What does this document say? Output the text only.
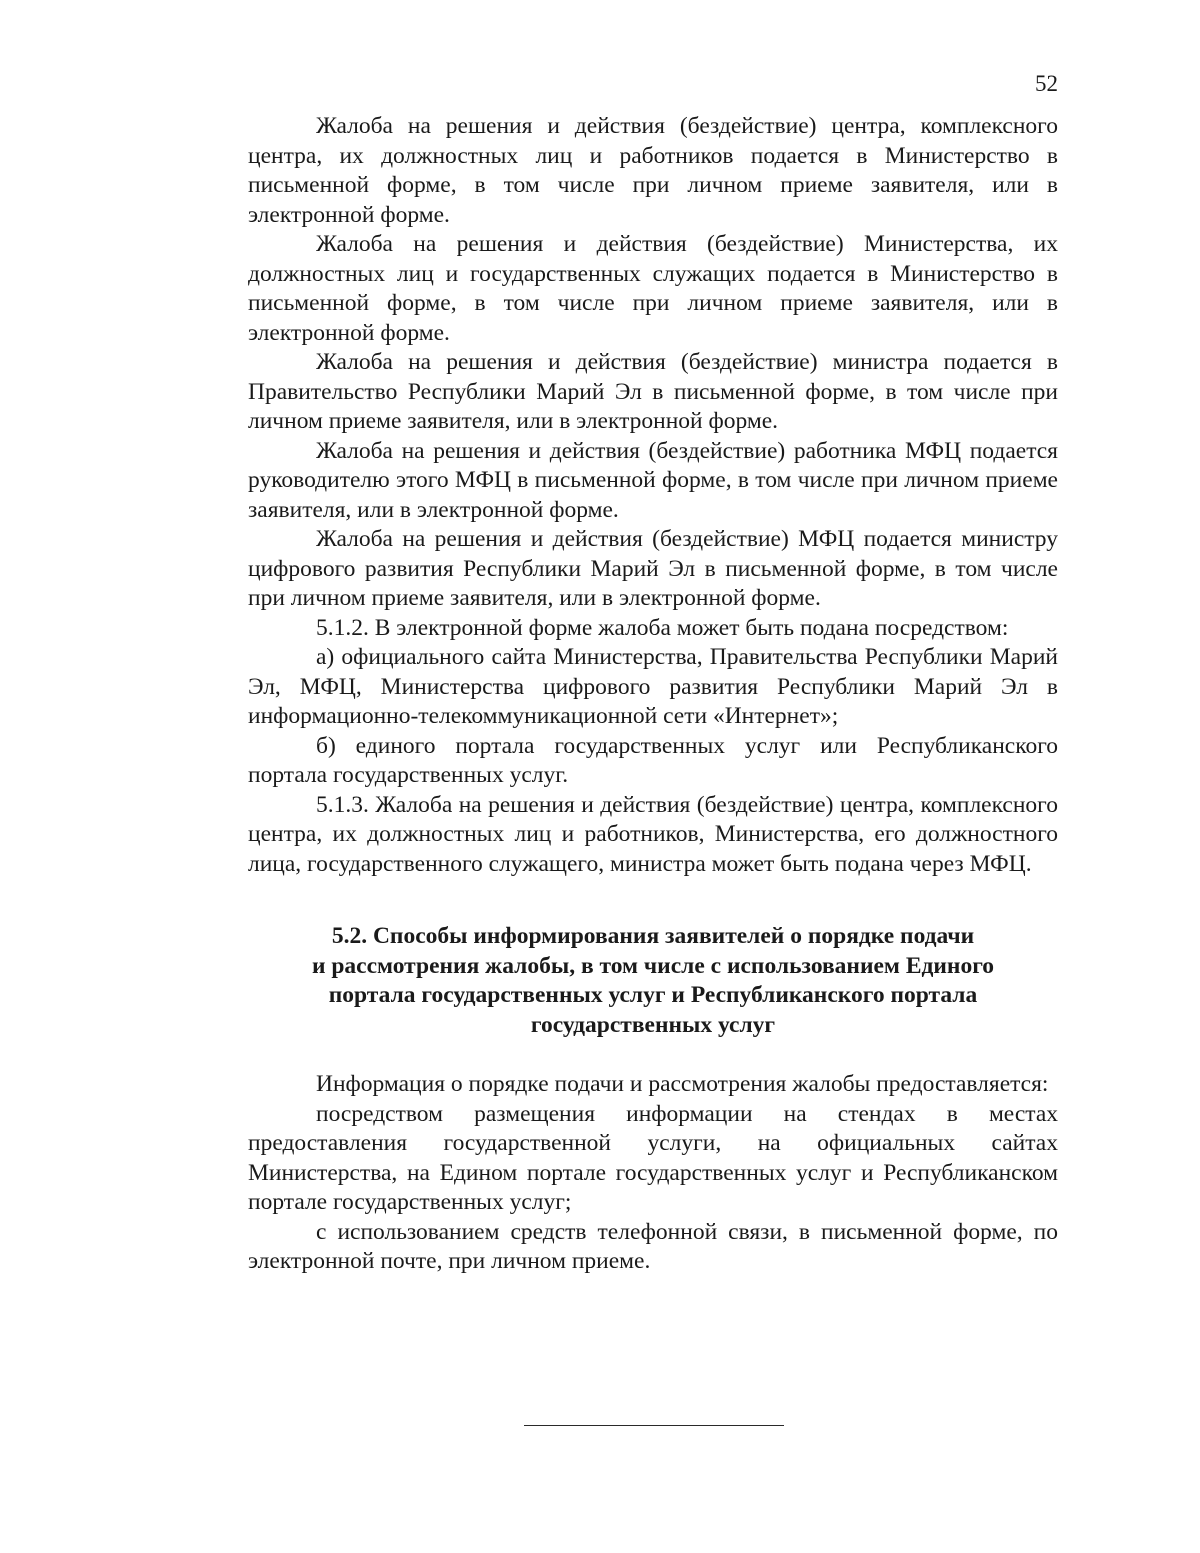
52

Жалоба на решения и действия (бездействие) центра, комплексного центра, их должностных лиц и работников подается в Министерство в письменной форме, в том числе при личном приеме заявителя, или в электронной форме.

Жалоба на решения и действия (бездействие) Министерства, их должностных лиц и государственных служащих подается в Министерство в письменной форме, в том числе при личном приеме заявителя, или в электронной форме.

Жалоба на решения и действия (бездействие) министра подается в Правительство Республики Марий Эл в письменной форме, в том числе при личном приеме заявителя, или в электронной форме.

Жалоба на решения и действия (бездействие) работника МФЦ подается руководителю этого МФЦ в письменной форме, в том числе при личном приеме заявителя, или в электронной форме.

Жалоба на решения и действия (бездействие) МФЦ подается министру цифрового развития Республики Марий Эл в письменной форме, в том числе при личном приеме заявителя, или в электронной форме.

5.1.2. В электронной форме жалоба может быть подана посредством:

а) официального сайта Министерства, Правительства Республики Марий Эл, МФЦ, Министерства цифрового развития Республики Марий Эл в информационно-телекоммуникационной сети «Интернет»;

б) единого портала государственных услуг или Республиканского портала государственных услуг.

5.1.3. Жалоба на решения и действия (бездействие) центра, комплексного центра, их должностных лиц и работников, Министерства, его должностного лица, государственного служащего, министра может быть подана через МФЦ.

5.2. Способы информирования заявителей о порядке подачи
и рассмотрения жалобы, в том числе с использованием Единого
портала государственных услуг и Республиканского портала
государственных услуг

Информация о порядке подачи и рассмотрения жалобы предоставляется:

посредством размещения информации на стендах в местах предоставления государственной услуги, на официальных сайтах Министерства, на Едином портале государственных услуг и Республиканском портале государственных услуг;

с использованием средств телефонной связи, в письменной форме, по электронной почте, при личном приеме.
